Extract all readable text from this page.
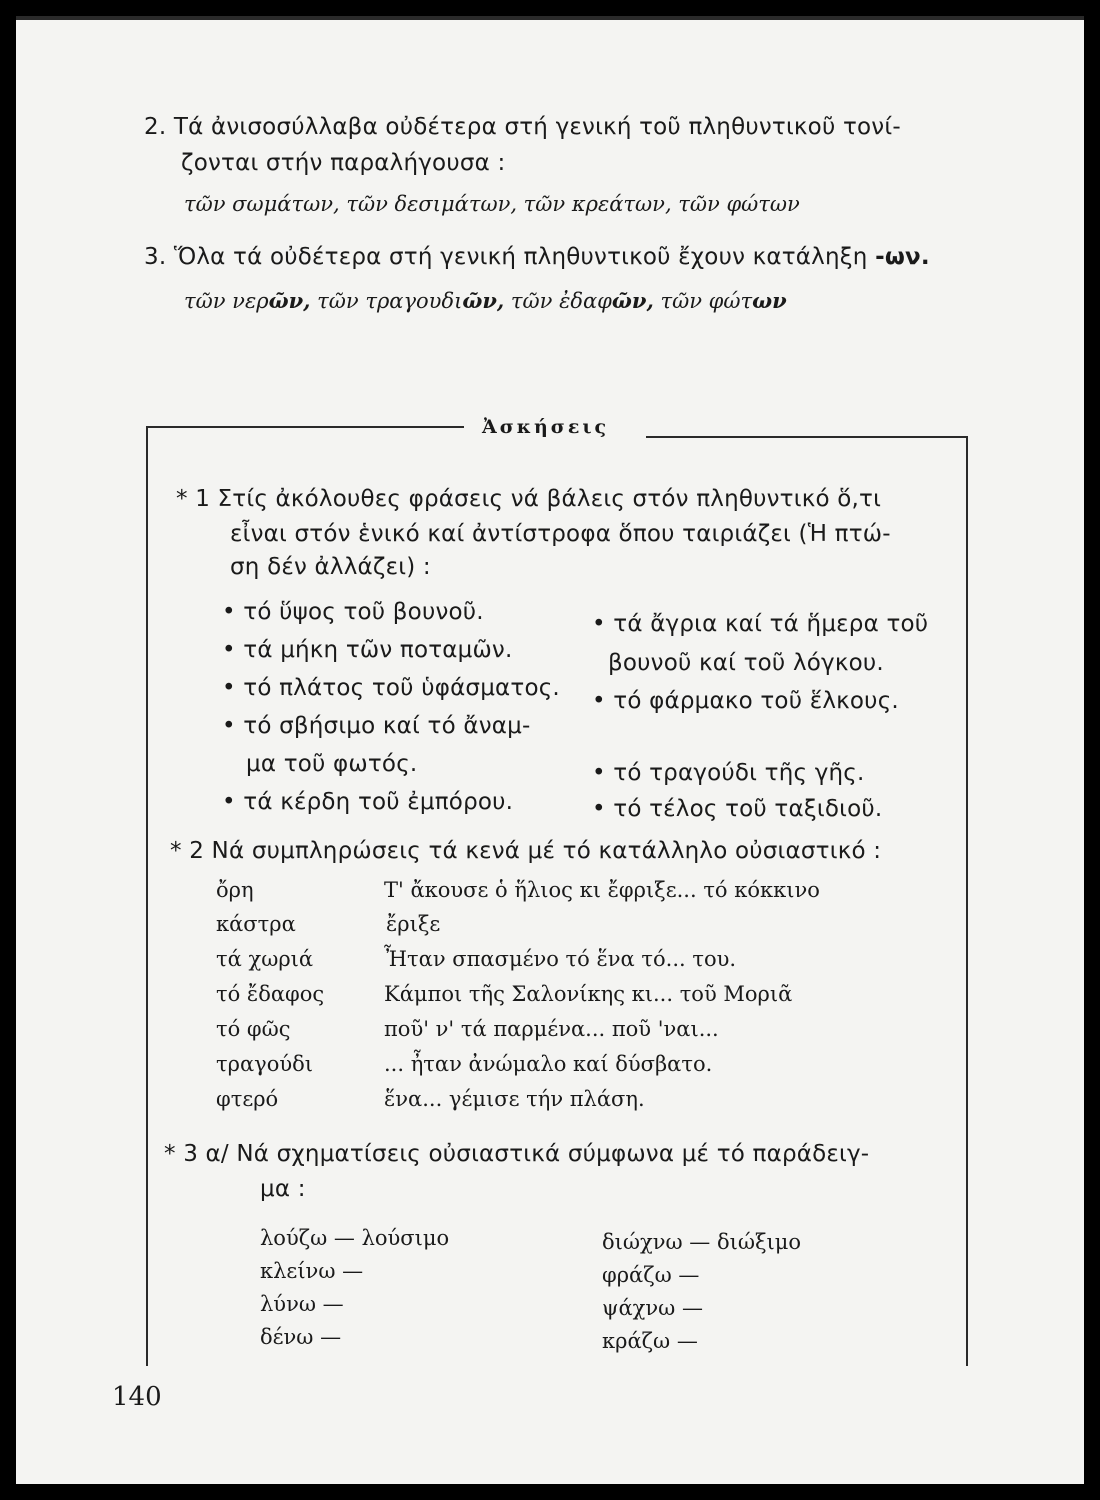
2. Τά ἀνισοσύλλαβα οὐδέτερα στή γενική τοῦ πληθυντικοῦ τονί-
ζονται στήν παραλήγουσα :
τῶν σωμάτων, τῶν δεσιμάτων, τῶν κρεάτων, τῶν φώτων
3. Ὅλα τά οὐδέτερα στή γενική πληθυντικοῦ ἔχουν κατάληξη -ων.
τῶν νερῶν, τῶν τραγουδιῶν, τῶν ἐδαφῶν, τῶν φώτων
Ἀσκήσεις
* 1 Στίς ἀκόλουθες φράσεις νά βάλεις στόν πληθυντικό ὅ,τι
εἶναι στόν ἑνικό καί ἀντίστροφα ὅπου ταιριάζει (Ἡ πτώ-
ση δέν ἀλλάζει) :
• τό ὕψος τοῦ βουνοῦ.
• τά μήκη τῶν ποταμῶν.
• τό πλάτος τοῦ ὑφάσματος.
• τό σβήσιμο καί τό ἄναμ-
μα τοῦ φωτός.
• τά κέρδη τοῦ ἐμπόρου.
• τά ἄγρια καί τά ἥμερα τοῦ
βουνοῦ καί τοῦ λόγκου.
• τό φάρμακο τοῦ ἕλκους.
• τό τραγούδι τῆς γῆς.
• τό τέλος τοῦ ταξιδιοῦ.
* 2 Νά συμπληρώσεις τά κενά μέ τό κατάλληλο οὐσιαστικό :
ὄρη
κάστρα
τά χωριά
τό ἔδαφος
τό φῶς
τραγούδι
φτερό
Τ' ἄκουσε ὁ ἥλιος κι ἔφριξε... τό κόκκινο
ἔριξε
Ἦταν σπασμένο τό ἕνα τό... του.
Κάμποι τῆς Σαλονίκης κι... τοῦ Μοριᾶ
ποῦ' ν' τά παρμένα... ποῦ 'ναι...
... ἦταν ἀνώμαλο καί δύσβατο.
ἕνα... γέμισε τήν πλάση.
* 3 α/ Νά σχηματίσεις οὐσιαστικά σύμφωνα μέ τό παράδειγ-
μα :
λούζω — λούσιμο
κλείνω —
λύνω —
δένω —
διώχνω — διώξιμο
φράζω —
ψάχνω —
κράζω —
140
